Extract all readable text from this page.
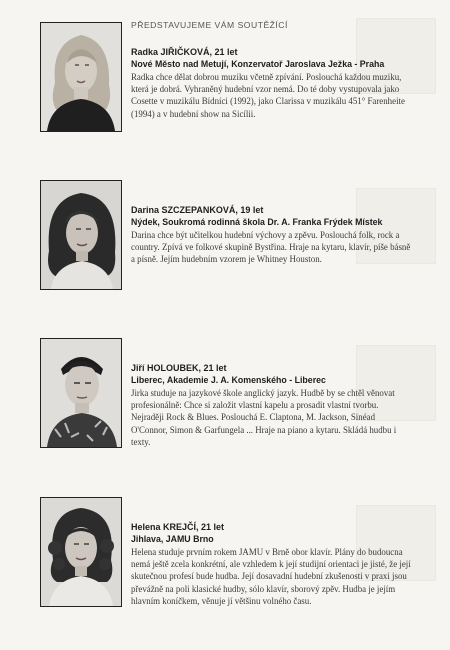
PŘEDSTAVUJEME VÁM SOUTĚŽÍCÍ
Radka JIŘIČKOVÁ, 21 let
Nové Město nad Metují, Konzervatoř Jaroslava Ježka - Praha
Radka chce dělat dobrou muziku včetně zpívání. Poslouchá každou muziku, která je dobrá. Vyhraněný hudební vzor nemá. Do té doby vystupovala jako Cosette v muzikálu Bídníci (1992), jako Clarissa v muzikálu 451° Farenheite (1994) a v hudební show na Sicílii.
Darina SZCZEPANKOVÁ, 19 let
Nýdek, Soukromá rodinná škola Dr. A. Franka Frýdek Místek
Darina chce být učitelkou hudební výchovy a zpěvu. Poslouchá folk, rock a country. Zpívá ve folkové skupině Bystřina. Hraje na kytaru, klavír, píše básně a písně. Jejím hudebním vzorem je Whitney Houston.
Jiří HOLOUBEK, 21 let
Liberec, Akademie J. A. Komenského - Liberec
Jirka studuje na jazykové škole anglický jazyk. Hudbě by se chtěl věnovat profesionálně: Chce si založit vlastní kapelu a prosadit vlastní tvorbu. Nejraději Rock & Blues. Poslouchá E. Claptona, M. Jackson, Sinéad O'Connor, Simon & Garfungela ... Hraje na piano a kytaru. Skládá hudbu i texty.
Helena KREJČÍ, 21 let
Jihlava, JAMU Brno
Helena studuje prvním rokem JAMU v Brně obor klavír. Plány do budoucna nemá ještě zcela konkrétní, ale vzhledem k její studijní orientaci je jisté, že její skutečnou profesí bude hudba. Její dosavadní hudební zkušenosti v praxi jsou převážně na poli klasické hudby, sólo klavír, sborový zpěv. Hudba je jejím hlavním koníčkem, věnuje jí většinu volného času.
